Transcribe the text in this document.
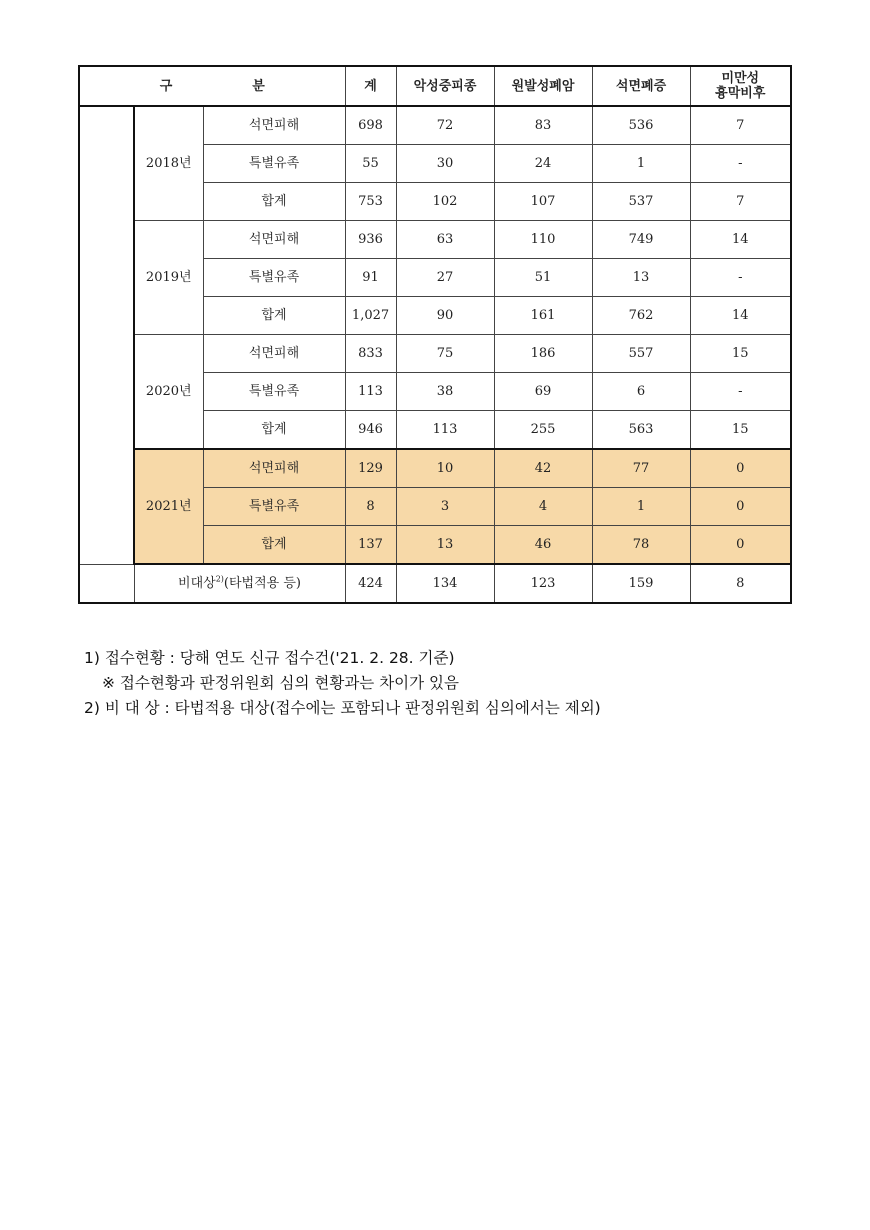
구 분			계	악성중피종	원발성폐암	석면폐증	미만성
흉막비후

	2018년	석면피해	698	72	83	536	7
		특별유족	55	30	24	1	-
		합계	753	102	107	537	7
	2019년	석면피해	936	63	110	749	14
		특별유족	91	27	51	13	-
		합계	1,027	90	161	762	14
	2020년	석면피해	833	75	186	557	15
		특별유족	113	38	69	6	-
		합계	946	113	255	563	15
	2021년	석면피해	129	10	42	77	0
		특별유족	8	3	4	1	0
		합계	137	13	46	78	0
	비대상$^{2)}$(타법적용 등)		424	134	123	159	8
1) 접수현황 : 당해 연도 신규 접수건('21. 2. 28. 기준)
※ 접수현황과 판정위원회 심의 현황과는 차이가 있음
2) 비 대 상 : 타법적용 대상(접수에는 포함되나 판정위원회 심의에서는 제외)
